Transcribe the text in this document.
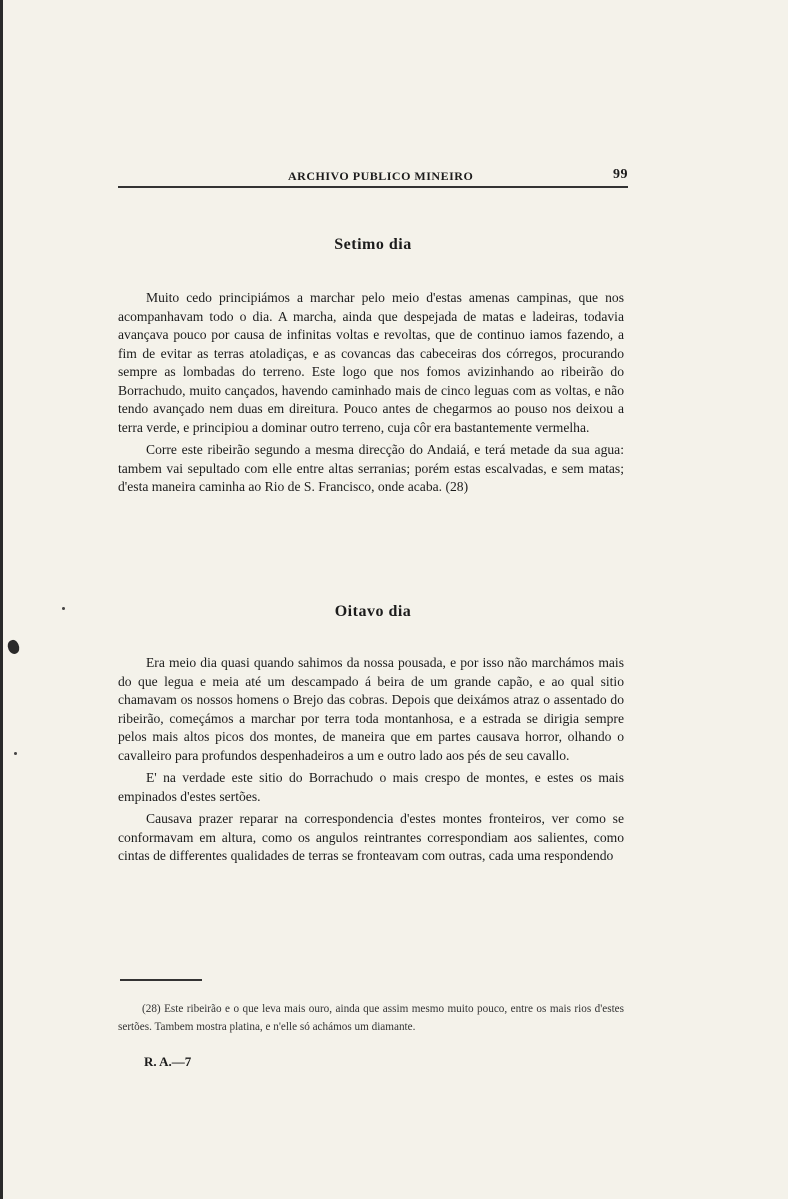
ARCHIVO PUBLICO MINEIRO	99
Setimo dia

Muito cedo principiámos a marchar pelo meio d'estas amenas campinas, que nos acompanhavam todo o dia. A marcha, ainda que despejada de matas e ladeiras, todavia avançava pouco por causa de infinitas voltas e revoltas, que de continuo iamos fazendo, a fim de evitar as terras atoladiças, e as covancas das cabeceiras dos córregos, procurando sempre as lombadas do terreno. Este logo que nos fomos avizinhando ao ribeirão do Borrachudo, muito cançados, havendo caminhado mais de cinco leguas com as voltas, e não tendo avançado nem duas em direitura. Pouco antes de chegarmos ao pouso nos deixou a terra verde, e principiou a dominar outro terreno, cuja côr era bastantemente vermelha.

Corre este ribeirão segundo a mesma direcção do Andaiá, e terá metade da sua agua: tambem vai sepultado com elle entre altas serranias; porém estas escalvadas, e sem matas; d'esta maneira caminha ao Rio de S. Francisco, onde acaba. (28)

Oitavo dia

Era meio dia quasi quando sahimos da nossa pousada, e por isso não marchámos mais do que legua e meia até um descampado á beira de um grande capão, e ao qual sitio chamavam os nossos homens o Brejo das cobras. Depois que deixámos atraz o assentado do ribeirão, começámos a marchar por terra toda montanhosa, e a estrada se dirigia sempre pelos mais altos picos dos montes, de maneira que em partes causava horror, olhando o cavalleiro para profundos despenhadeiros a um e outro lado aos pés de seu cavallo.

E' na verdade este sitio do Borrachudo o mais crespo de montes, e estes os mais empinados d'estes sertões.

Causava prazer reparar na correspondencia d'estes montes fronteiros, ver como se conformavam em altura, como os angulos reintrantes correspondiam aos salientes, como cintas de differentes qualidades de terras se fronteavam com outras, cada uma respondendo

(28) Este ribeirão e o que leva mais ouro, ainda que assim mesmo muito pouco, entre os mais rios d'estes sertões. Tambem mostra platina, e n'elle só achámos um diamante.
R. A.—7
